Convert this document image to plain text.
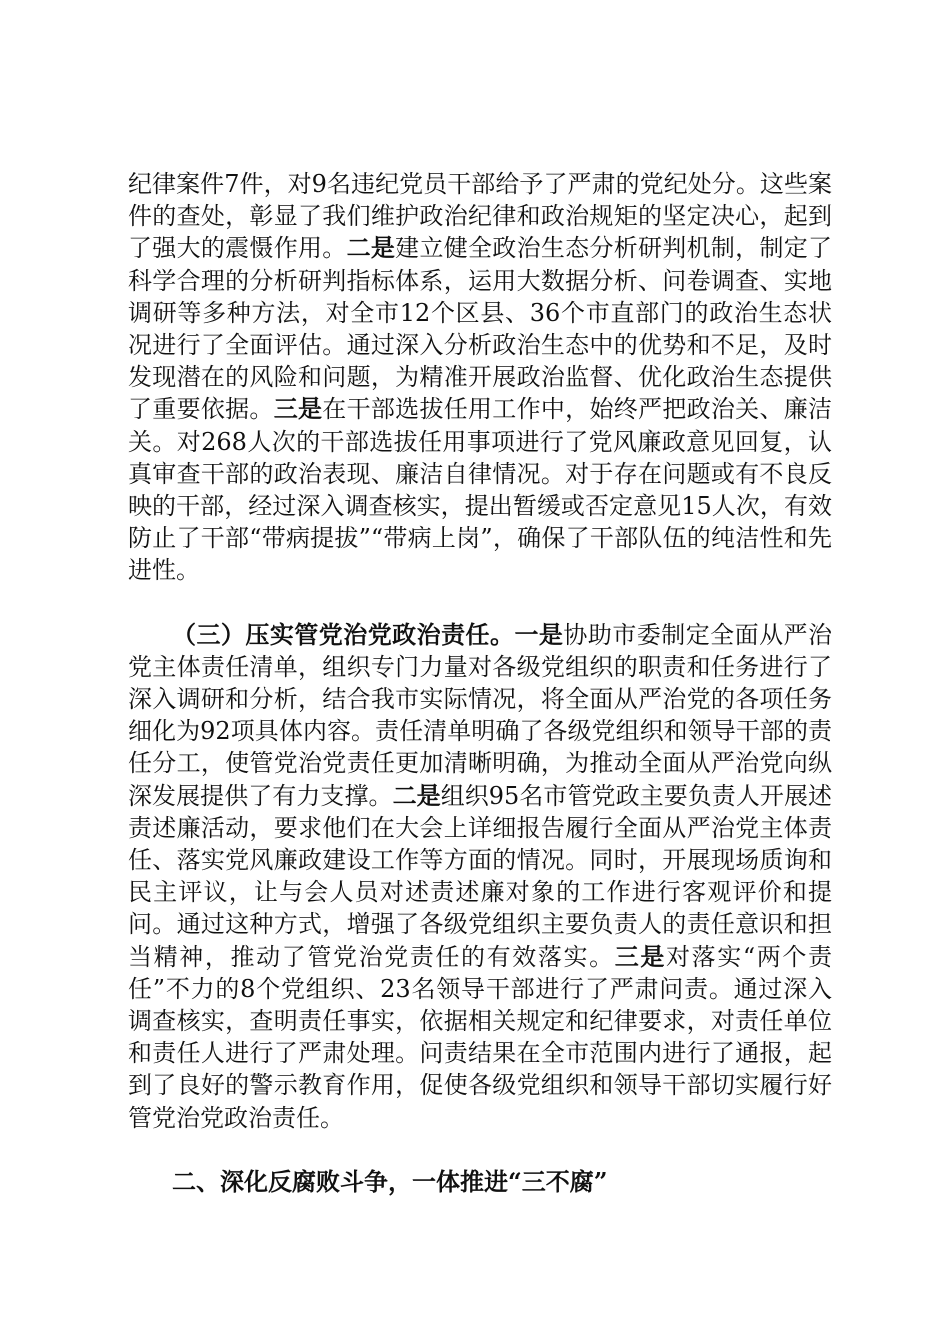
纪律案件7件，对9名违纪党员干部给予了严肃的党纪处分。这些案件的查处，彰显了我们维护政治纪律和政治规矩的坚定决心，起到了强大的震慑作用。二是建立健全政治生态分析研判机制，制定了科学合理的分析研判指标体系，运用大数据分析、问卷调查、实地调研等多种方法，对全市12个区县、36个市直部门的政治生态状况进行了全面评估。通过深入分析政治生态中的优势和不足，及时发现潜在的风险和问题，为精准开展政治监督、优化政治生态提供了重要依据。三是在干部选拔任用工作中，始终严把政治关、廉洁关。对268人次的干部选拔任用事项进行了党风廉政意见回复，认真审查干部的政治表现、廉洁自律情况。对于存在问题或有不良反映的干部，经过深入调查核实，提出暂缓或否定意见15人次，有效防止了干部“带病提拔”“带病上岗”，确保了干部队伍的纯洁性和先进性。

（三）压实管党治党政治责任。一是协助市委制定全面从严治党主体责任清单，组织专门力量对各级党组织的职责和任务进行了深入调研和分析，结合我市实际情况，将全面从严治党的各项任务细化为92项具体内容。责任清单明确了各级党组织和领导干部的责任分工，使管党治党责任更加清晰明确，为推动全面从严治党向纵深发展提供了有力支撑。二是组织95名市管党政主要负责人开展述责述廉活动，要求他们在大会上详细报告履行全面从严治党主体责任、落实党风廉政建设工作等方面的情况。同时，开展现场质询和民主评议，让与会人员对述责述廉对象的工作进行客观评价和提问。通过这种方式，增强了各级党组织主要负责人的责任意识和担当精神，推动了管党治党责任的有效落实。三是对落实“两个责任”不力的8个党组织、23名领导干部进行了严肃问责。通过深入调查核实，查明责任事实，依据相关规定和纪律要求，对责任单位和责任人进行了严肃处理。问责结果在全市范围内进行了通报，起到了良好的警示教育作用，促使各级党组织和领导干部切实履行好管党治党政治责任。

二、深化反腐败斗争，一体推进“三不腐”
